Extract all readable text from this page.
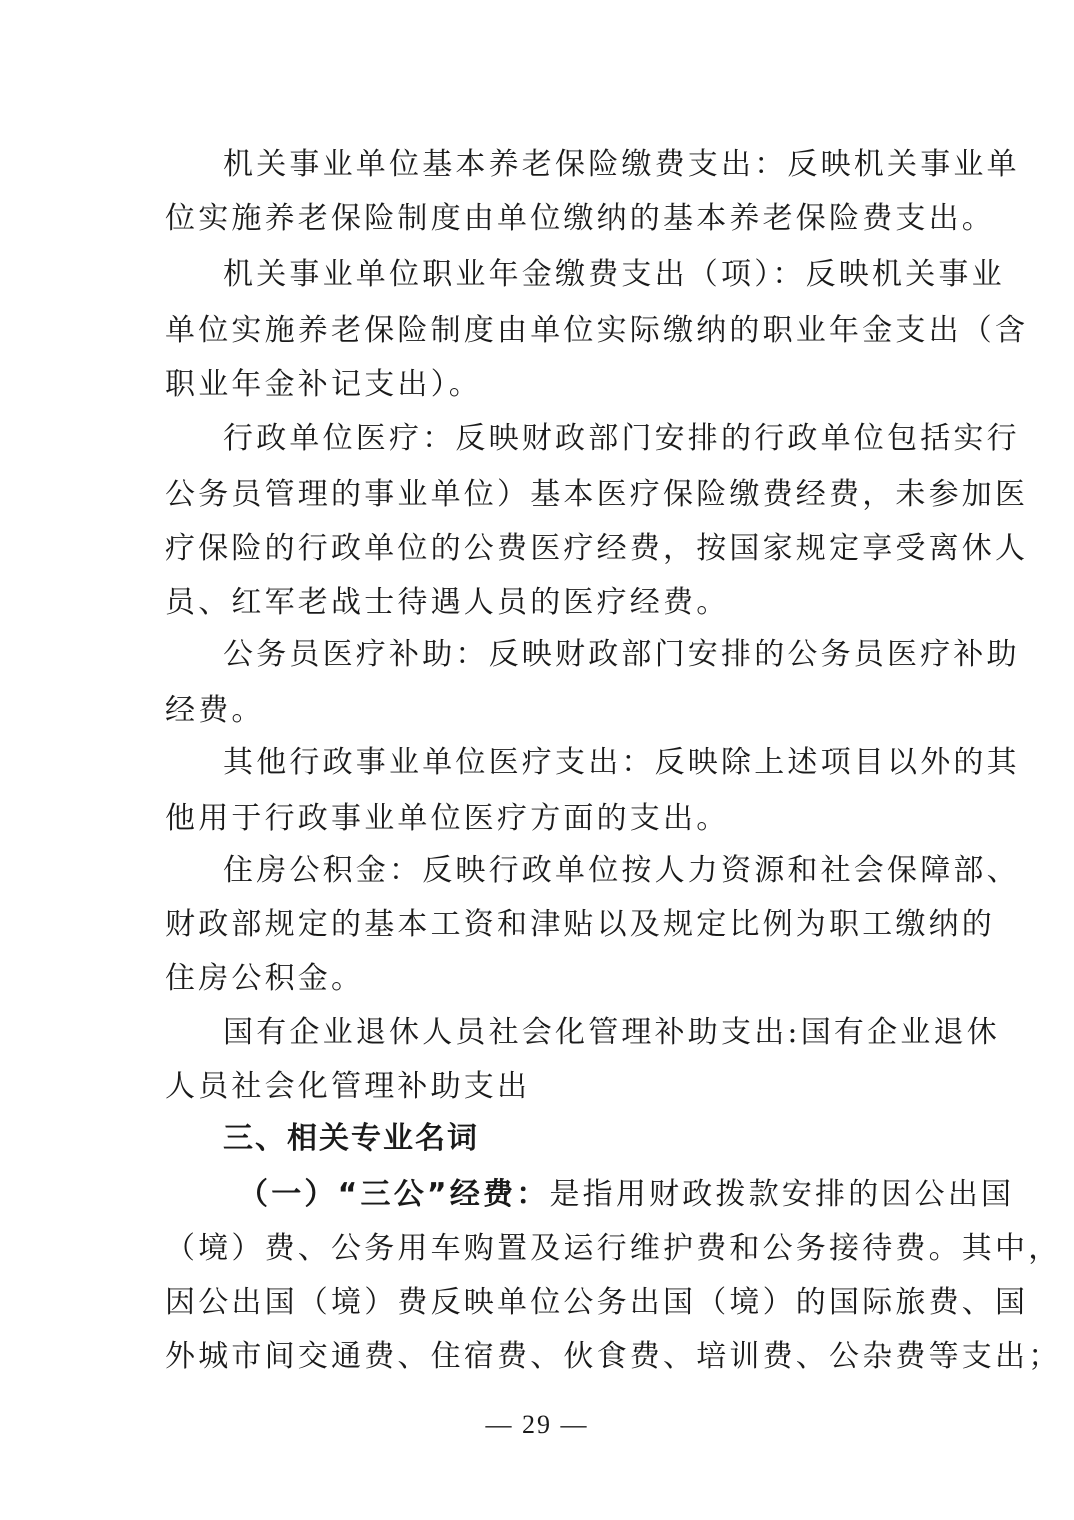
机关事业单位基本养老保险缴费支出：反映机关事业单
位实施养老保险制度由单位缴纳的基本养老保险费支出。
机关事业单位职业年金缴费支出（项）：反映机关事业
单位实施养老保险制度由单位实际缴纳的职业年金支出（含
职业年金补记支出）。
行政单位医疗：反映财政部门安排的行政单位包括实行
公务员管理的事业单位）基本医疗保险缴费经费，未参加医
疗保险的行政单位的公费医疗经费，按国家规定享受离休人
员、红军老战士待遇人员的医疗经费。
公务员医疗补助：反映财政部门安排的公务员医疗补助
经费。
其他行政事业单位医疗支出：反映除上述项目以外的其
他用于行政事业单位医疗方面的支出。
住房公积金：反映行政单位按人力资源和社会保障部、
财政部规定的基本工资和津贴以及规定比例为职工缴纳的
住房公积金。
国有企业退休人员社会化管理补助支出:国有企业退休
人员社会化管理补助支出
三、相关专业名词
（一）“三公”经费：是指用财政拨款安排的因公出国
（境）费、公务用车购置及运行维护费和公务接待费。其中，
因公出国（境）费反映单位公务出国（境）的国际旅费、国
外城市间交通费、住宿费、伙食费、培训费、公杂费等支出；
— 29 —
